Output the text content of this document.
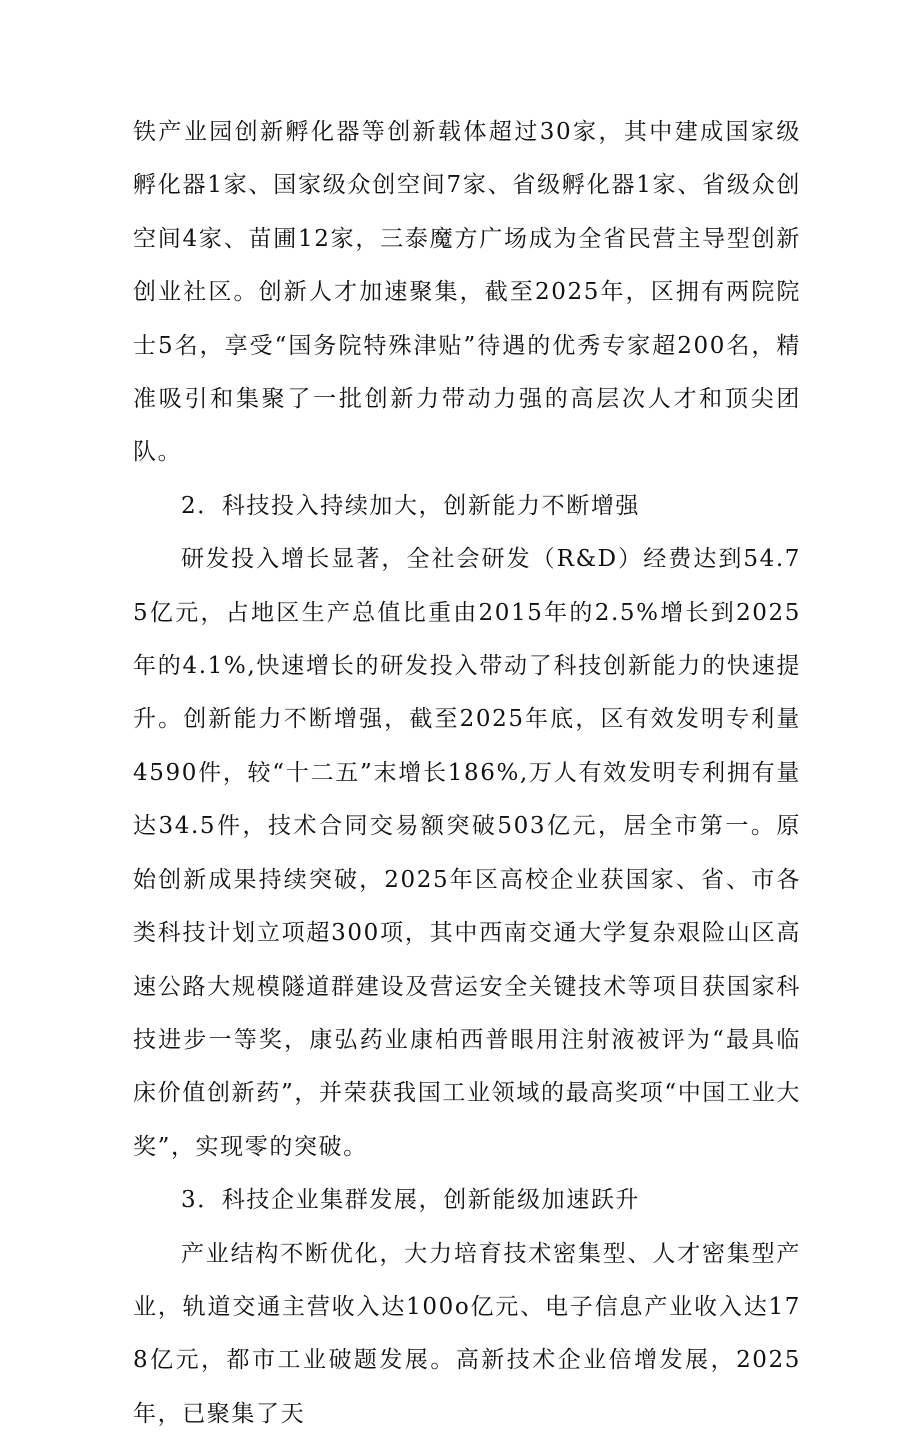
铁产业园创新孵化器等创新载体超过30家，其中建成国家级孵化器1家、国家级众创空间7家、省级孵化器1家、省级众创空间4家、苗圃12家，三泰魔方广场成为全省民营主导型创新创业社区。创新人才加速聚集，截至2025年，区拥有两院院士5名，享受“国务院特殊津贴”待遇的优秀专家超200名，精准吸引和集聚了一批创新力带动力强的高层次人才和顶尖团队。

2．科技投入持续加大，创新能力不断增强

研发投入增长显著，全社会研发（R&D）经费达到54.75亿元，占地区生产总值比重由2015年的2.5%增长到2025年的4.1%,快速增长的研发投入带动了科技创新能力的快速提升。创新能力不断增强，截至2025年底，区有效发明专利量4590件，较“十二五”末增长186%,万人有效发明专利拥有量达34.5件，技术合同交易额突破503亿元，居全市第一。原始创新成果持续突破，2025年区高校企业获国家、省、市各类科技计划立项超300项，其中西南交通大学复杂艰险山区高速公路大规模隧道群建设及营运安全关键技术等项目获国家科技进步一等奖，康弘药业康柏西普眼用注射液被评为“最具临床价值创新药”，并荣获我国工业领域的最高奖项“中国工业大奖”，实现零的突破。

3．科技企业集群发展，创新能级加速跃升

产业结构不断优化，大力培育技术密集型、人才密集型产业，轨道交通主营收入达100o亿元、电子信息产业收入达178亿元，都市工业破题发展。高新技术企业倍增发展，2025年，已聚集了天
